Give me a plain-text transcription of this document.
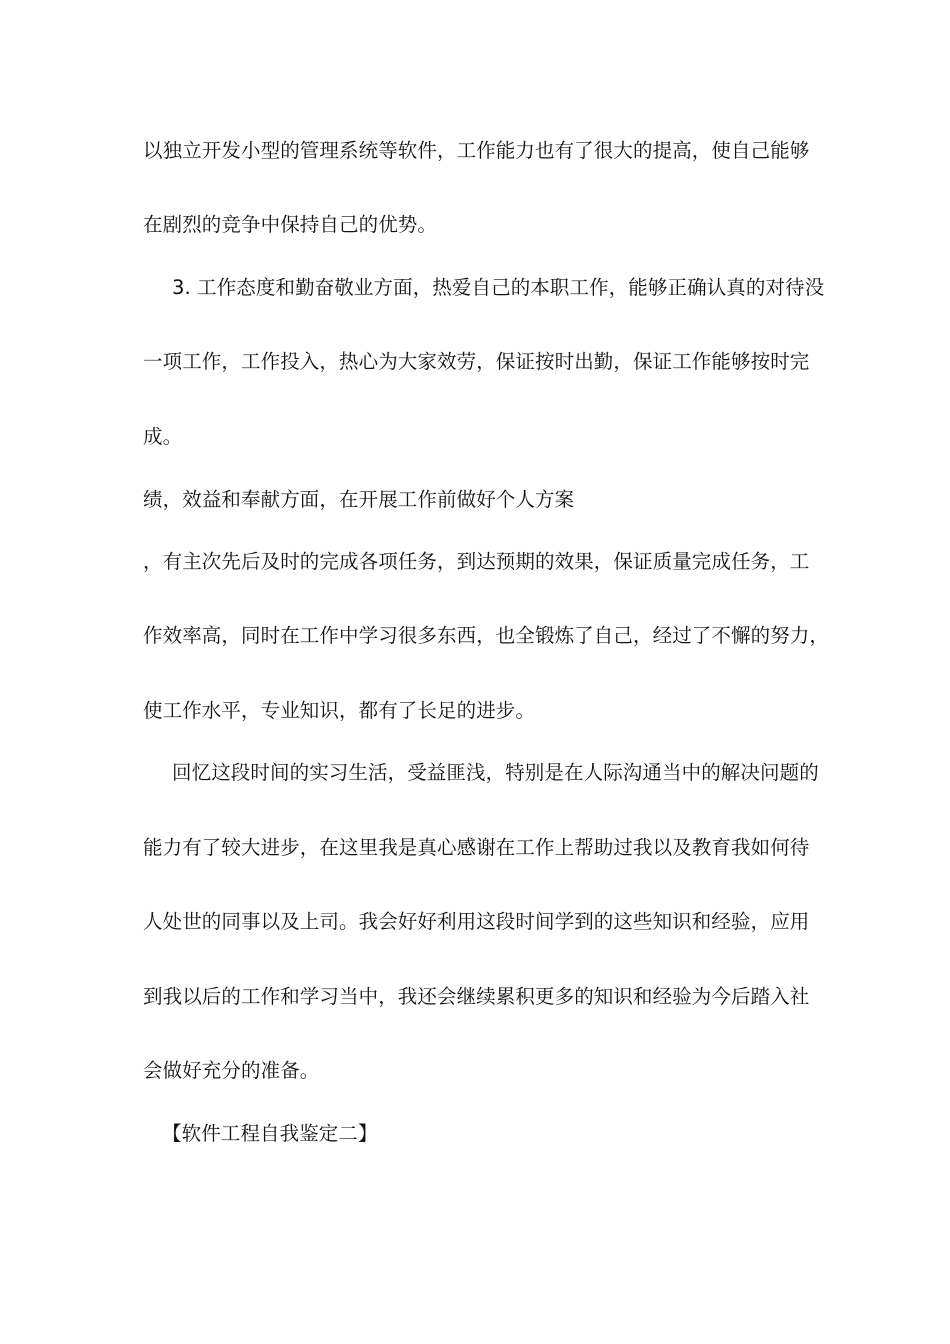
以独立开发小型的管理系统等软件，工作能力也有了很大的提高，使自己能够
在剧烈的竞争中保持自己的优势。
3. 工作态度和勤奋敬业方面，热爱自己的本职工作，能够正确认真的对待没
一项工作，工作投入，热心为大家效劳，保证按时出勤，保证工作能够按时完
成。
绩，效益和奉献方面，在开展工作前做好个人方案
，有主次先后及时的完成各项任务，到达预期的效果，保证质量完成任务，工
作效率高，同时在工作中学习很多东西，也全锻炼了自己，经过了不懈的努力，
使工作水平，专业知识，都有了长足的进步。
回忆这段时间的实习生活，受益匪浅，特别是在人际沟通当中的解决问题的
能力有了较大进步，在这里我是真心感谢在工作上帮助过我以及教育我如何待
人处世的同事以及上司。我会好好利用这段时间学到的这些知识和经验，应用
到我以后的工作和学习当中，我还会继续累积更多的知识和经验为今后踏入社
会做好充分的准备。
【软件工程自我鉴定二】
